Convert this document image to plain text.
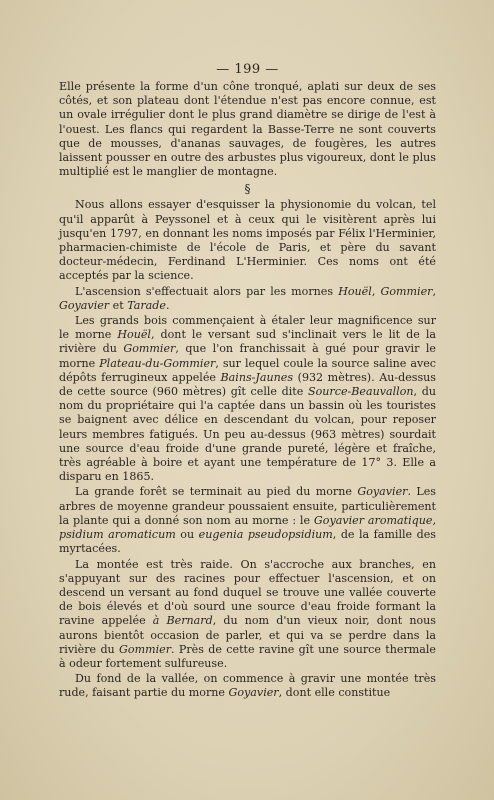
— 199 —

Elle présente la forme d'un cône tronqué, aplati sur deux de ses côtés, et son plateau dont l'étendue n'est pas encore connue, est un ovale irrégulier dont le plus grand diamètre se dirige de l'est à l'ouest. Les flancs qui regardent la Basse-Terre ne sont couverts que de mousses, d'ananas sauvages, de fougères, les autres laissent pousser en outre des arbustes plus vigoureux, dont le plus multiplié est le manglier de montagne.

§

Nous allons essayer d'esquisser la physionomie du volcan, tel qu'il apparût à Peyssonel et à ceux qui le visitèrent après lui jusqu'en 1797, en donnant les noms imposés par Félix l'Herminier, pharmacien-chimiste de l'école de Paris, et père du savant docteur-médecin, Ferdinand L'Herminier. Ces noms ont été acceptés par la science.

L'ascension s'effectuait alors par les mornes Houël, Gommier, Goyavier et Tarade.

Les grands bois commençaient à étaler leur magnificence sur le morne Houël, dont le versant sud s'inclinait vers le lit de la rivière du Gommier, que l'on franchissait à gué pour gravir le morne Plateau-du-Gommier, sur lequel coule la source saline avec dépôts ferrugineux appelée Bains-Jaunes (932 mètres). Au-dessus de cette source (960 mètres) gît celle dite Source-Beauvallon, du nom du propriétaire qui l'a captée dans un bassin où les touristes se baignent avec délice en descendant du volcan, pour reposer leurs membres fatigués. Un peu au-dessus (963 mètres) sourdait une source d'eau froide d'une grande pureté, légère et fraîche, très agréable à boire et ayant une température de 17° 3. Elle a disparu en 1865.

La grande forêt se terminait au pied du morne Goyavier. Les arbres de moyenne grandeur poussaient ensuite, particulièrement la plante qui a donné son nom au morne : le Goyavier aromatique, psidium aromaticum ou eugenia pseudopsidium, de la famille des myrtacées.

La montée est très raide. On s'accroche aux branches, en s'appuyant sur des racines pour effectuer l'ascension, et on descend un versant au fond duquel se trouve une vallée couverte de bois élevés et d'où sourd une source d'eau froide formant la ravine appelée à Bernard, du nom d'un vieux noir, dont nous aurons bientôt occasion de parler, et qui va se perdre dans la rivière du Gommier. Près de cette ravine gît une source thermale à odeur fortement sulfureuse.

Du fond de la vallée, on commence à gravir une montée très rude, faisant partie du morne Goyavier, dont elle constitue
